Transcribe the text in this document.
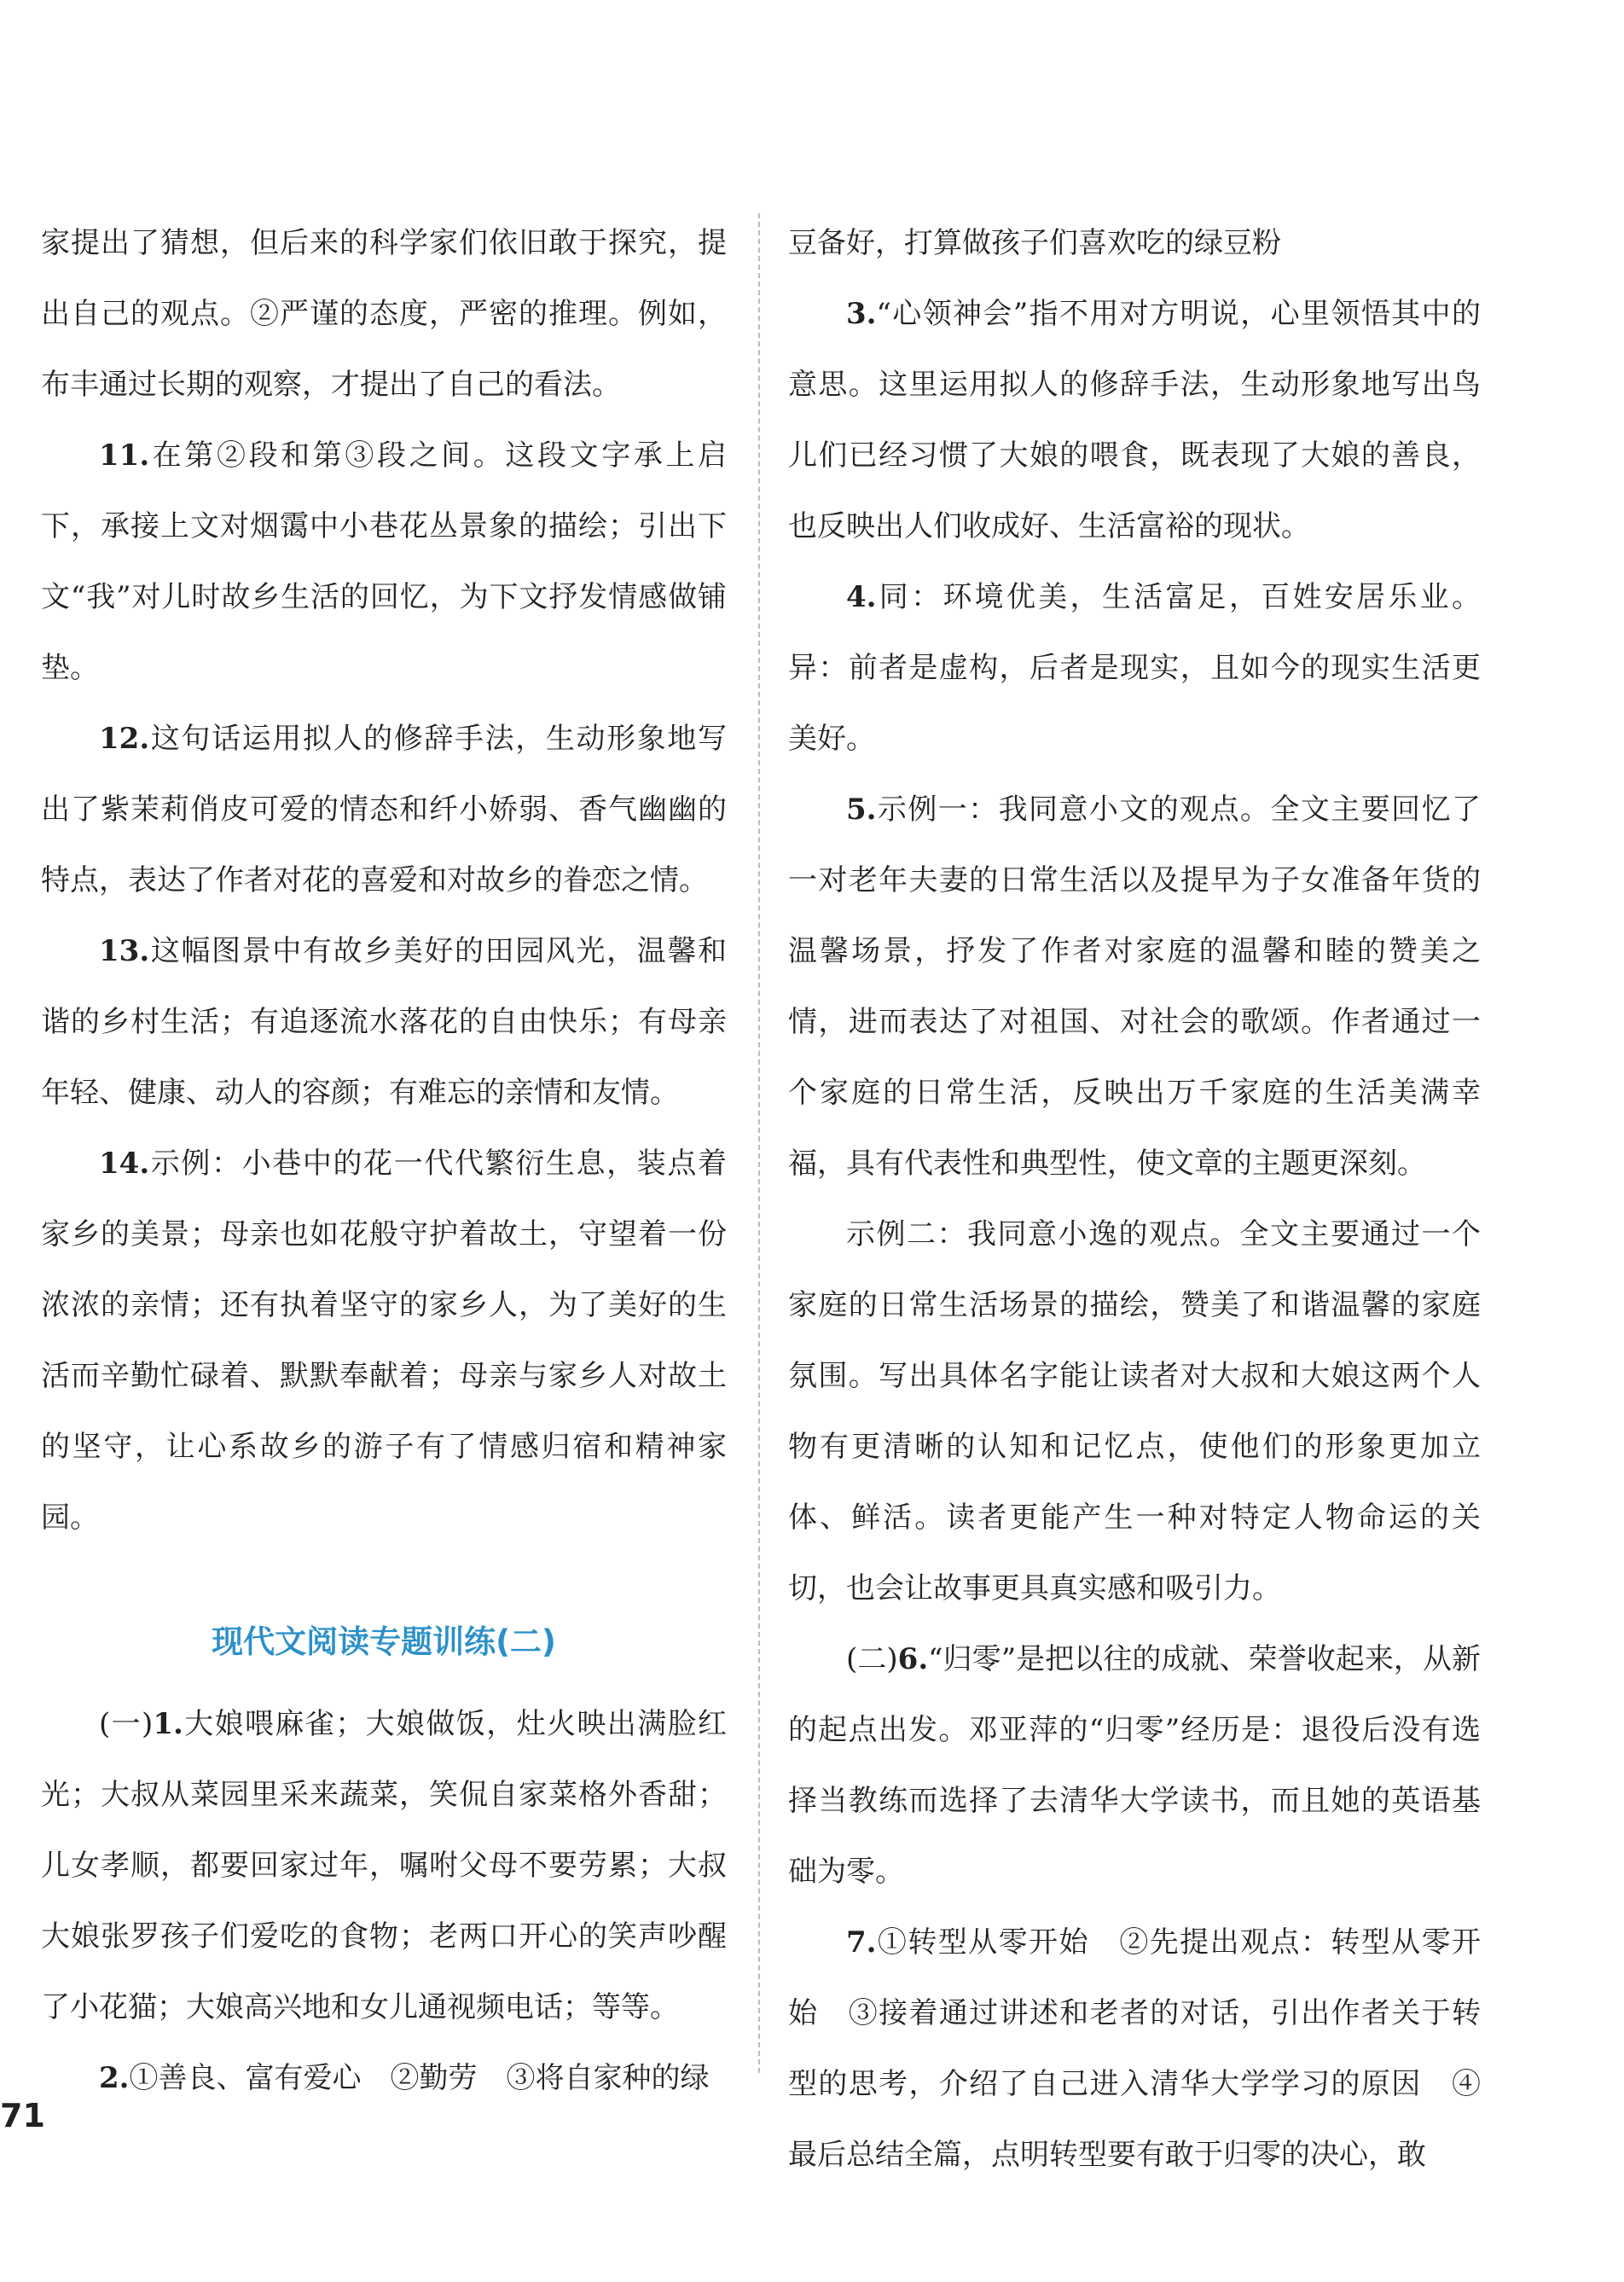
家提出了猜想，但后来的科学家们依旧敢于探究，提出自己的观点。②严谨的态度，严密的推理。例如，布丰通过长期的观察，才提出了自己的看法。

11.在第②段和第③段之间。这段文字承上启下，承接上文对烟霭中小巷花丛景象的描绘；引出下文“我”对儿时故乡生活的回忆，为下文抒发情感做铺垫。

12.这句话运用拟人的修辞手法，生动形象地写出了紫茉莉俏皮可爱的情态和纤小娇弱、香气幽幽的特点，表达了作者对花的喜爱和对故乡的眷恋之情。

13.这幅图景中有故乡美好的田园风光，温馨和谐的乡村生活；有追逐流水落花的自由快乐；有母亲年轻、健康、动人的容颜；有难忘的亲情和友情。

14.示例：小巷中的花一代代繁衍生息，装点着家乡的美景；母亲也如花般守护着故土，守望着一份浓浓的亲情；还有执着坚守的家乡人，为了美好的生活而辛勤忙碌着、默默奉献着；母亲与家乡人对故土的坚守，让心系故乡的游子有了情感归宿和精神家园。

现代文阅读专题训练(二)

(一)1.大娘喂麻雀；大娘做饭，灶火映出满脸红光；大叔从菜园里采来蔬菜，笑侃自家菜格外香甜；儿女孝顺，都要回家过年，嘱咐父母不要劳累；大叔大娘张罗孩子们爱吃的食物；老两口开心的笑声吵醒了小花猫；大娘高兴地和女儿通视频电话；等等。

2.①善良、富有爱心　②勤劳　③将自家种的绿

豆备好，打算做孩子们喜欢吃的绿豆粉

3.“心领神会”指不用对方明说，心里领悟其中的意思。这里运用拟人的修辞手法，生动形象地写出鸟儿们已经习惯了大娘的喂食，既表现了大娘的善良，也反映出人们收成好、生活富裕的现状。

4.同：环境优美，生活富足，百姓安居乐业。异：前者是虚构，后者是现实，且如今的现实生活更美好。

5.示例一：我同意小文的观点。全文主要回忆了一对老年夫妻的日常生活以及提早为子女准备年货的温馨场景，抒发了作者对家庭的温馨和睦的赞美之情，进而表达了对祖国、对社会的歌颂。作者通过一个家庭的日常生活，反映出万千家庭的生活美满幸福，具有代表性和典型性，使文章的主题更深刻。

示例二：我同意小逸的观点。全文主要通过一个家庭的日常生活场景的描绘，赞美了和谐温馨的家庭氛围。写出具体名字能让读者对大叔和大娘这两个人物有更清晰的认知和记忆点，使他们的形象更加立体、鲜活。读者更能产生一种对特定人物命运的关切，也会让故事更具真实感和吸引力。

(二)6.“归零”是把以往的成就、荣誉收起来，从新的起点出发。邓亚萍的“归零”经历是：退役后没有选择当教练而选择了去清华大学读书，而且她的英语基础为零。

7.①转型从零开始　②先提出观点：转型从零开始　③接着通过讲述和老者的对话，引出作者关于转型的思考，介绍了自己进入清华大学学习的原因　④最后总结全篇，点明转型要有敢于归零的决心，敢

71
